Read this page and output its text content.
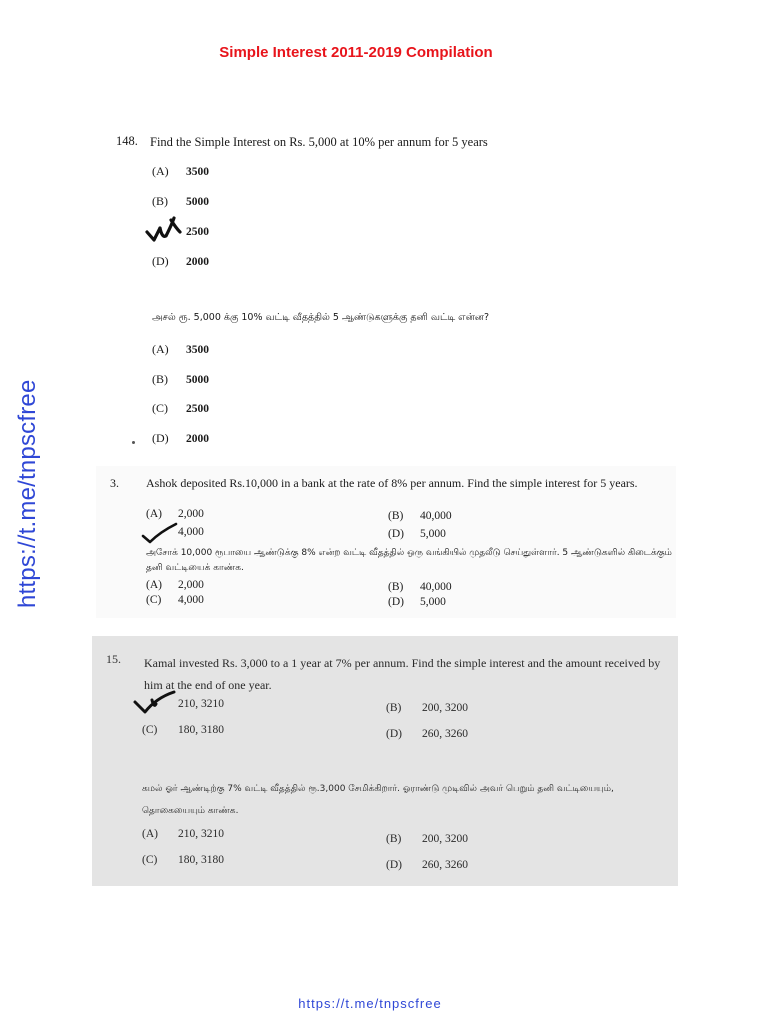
Simple Interest 2011-2019 Compilation
https://t.me/tnpscfree
148. Find the Simple Interest on Rs. 5,000 at 10% per annum for 5 years
(A) 3500
(B) 5000
2500
(D) 2000
அசல் ரூ. 5,000 க்கு 10% வட்டி வீதத்தில் 5 ஆண்டுகளுக்கு தனி வட்டி என்ன?
(A) 3500
(B) 5000
(C) 2500
(D) 2000
3. Ashok deposited Rs.10,000 in a bank at the rate of 8% per annum. Find the simple interest for 5 years.
(A) 2,000	(B) 40,000
4,000	(D) 5,000
அசோக் 10,000 ரூபாயை ஆண்டுக்கு 8% என்ற வட்டி வீதத்தில் ஒரு வங்கியில் முதலீடு செய்துள்ளார். 5 ஆண்டுகளில் கிடைக்கும் தனி வட்டியைக் காண்க.
(A) 2,000	(B) 40,000
(C) 4,000	(D) 5,000
15. Kamal invested Rs. 3,000 to a 1 year at 7% per annum. Find the simple interest and the amount received by him at the end of one year.
210, 3210	(B) 200, 3200
(C) 180, 3180	(D) 260, 3260
கமல் ஓர் ஆண்டிற்கு 7% வட்டி வீதத்தில் ரூ.3,000 சேமிக்கிறார். ஓராண்டு முடிவில் அவர் பெறும் தனி வட்டியையும், தொகையையும் காண்க.
(A) 210, 3210	(B) 200, 3200
(C) 180, 3180	(D) 260, 3260
https://t.me/tnpscfree
